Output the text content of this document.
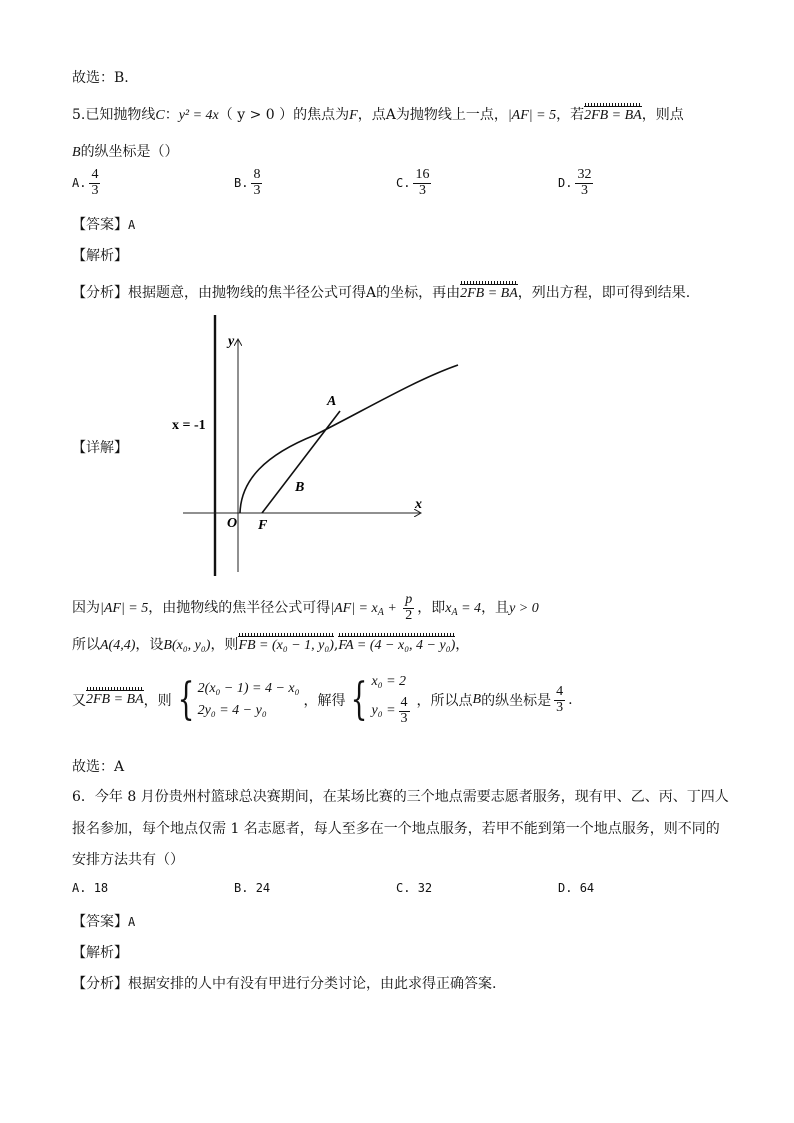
故选：B.
5.已知抛物线C：y² = 4x（ y > 0 ）的焦点为F，点A为抛物线上一点，|AF| = 5，若2FB = BA，则点
B的纵坐标是（）
A. $\frac{4}{3}$	B. $\frac{8}{3}$	C. $\frac{16}{3}$	D. $\frac{32}{3}$
【答案】A
【解析】
【分析】根据题意，由抛物线的焦半径公式可得A的坐标，再由2FB = BA，列出方程，即可得到结果.
【详解】
y
x
x = -1
A
B
O F
因为|AF| = 5，由抛物线的焦半径公式可得$|AF| = x_A + \frac{p}{2}$ ，即$x_A = 4$，且y > 0
所以A(4,4)，设B(x₀, y₀)，则FB = (x₀ − 1, y₀),FA = (4 − x₀, 4 − y₀)，
又 2FB = BA ，则 { 2(x₀ − 1) = 4 − x₀
2y₀ = 4 − y₀
，解得 { x₀ = 2
$y_0 = \frac{4}{3}$ ，所以点 B 的纵坐标是 $\frac{4}{3}$ .
故选：A
6．今年 8 月份贵州村篮球总决赛期间，在某场比赛的三个地点需要志愿者服务，现有甲、乙、丙、丁四人
报名参加，每个地点仅需 1 名志愿者，每人至多在一个地点服务，若甲不能到第一个地点服务，则不同的
安排方法共有（）
A. 18	B. 24	C. 32	D. 64
【答案】A
【解析】
【分析】根据安排的人中有没有甲进行分类讨论，由此求得正确答案.
